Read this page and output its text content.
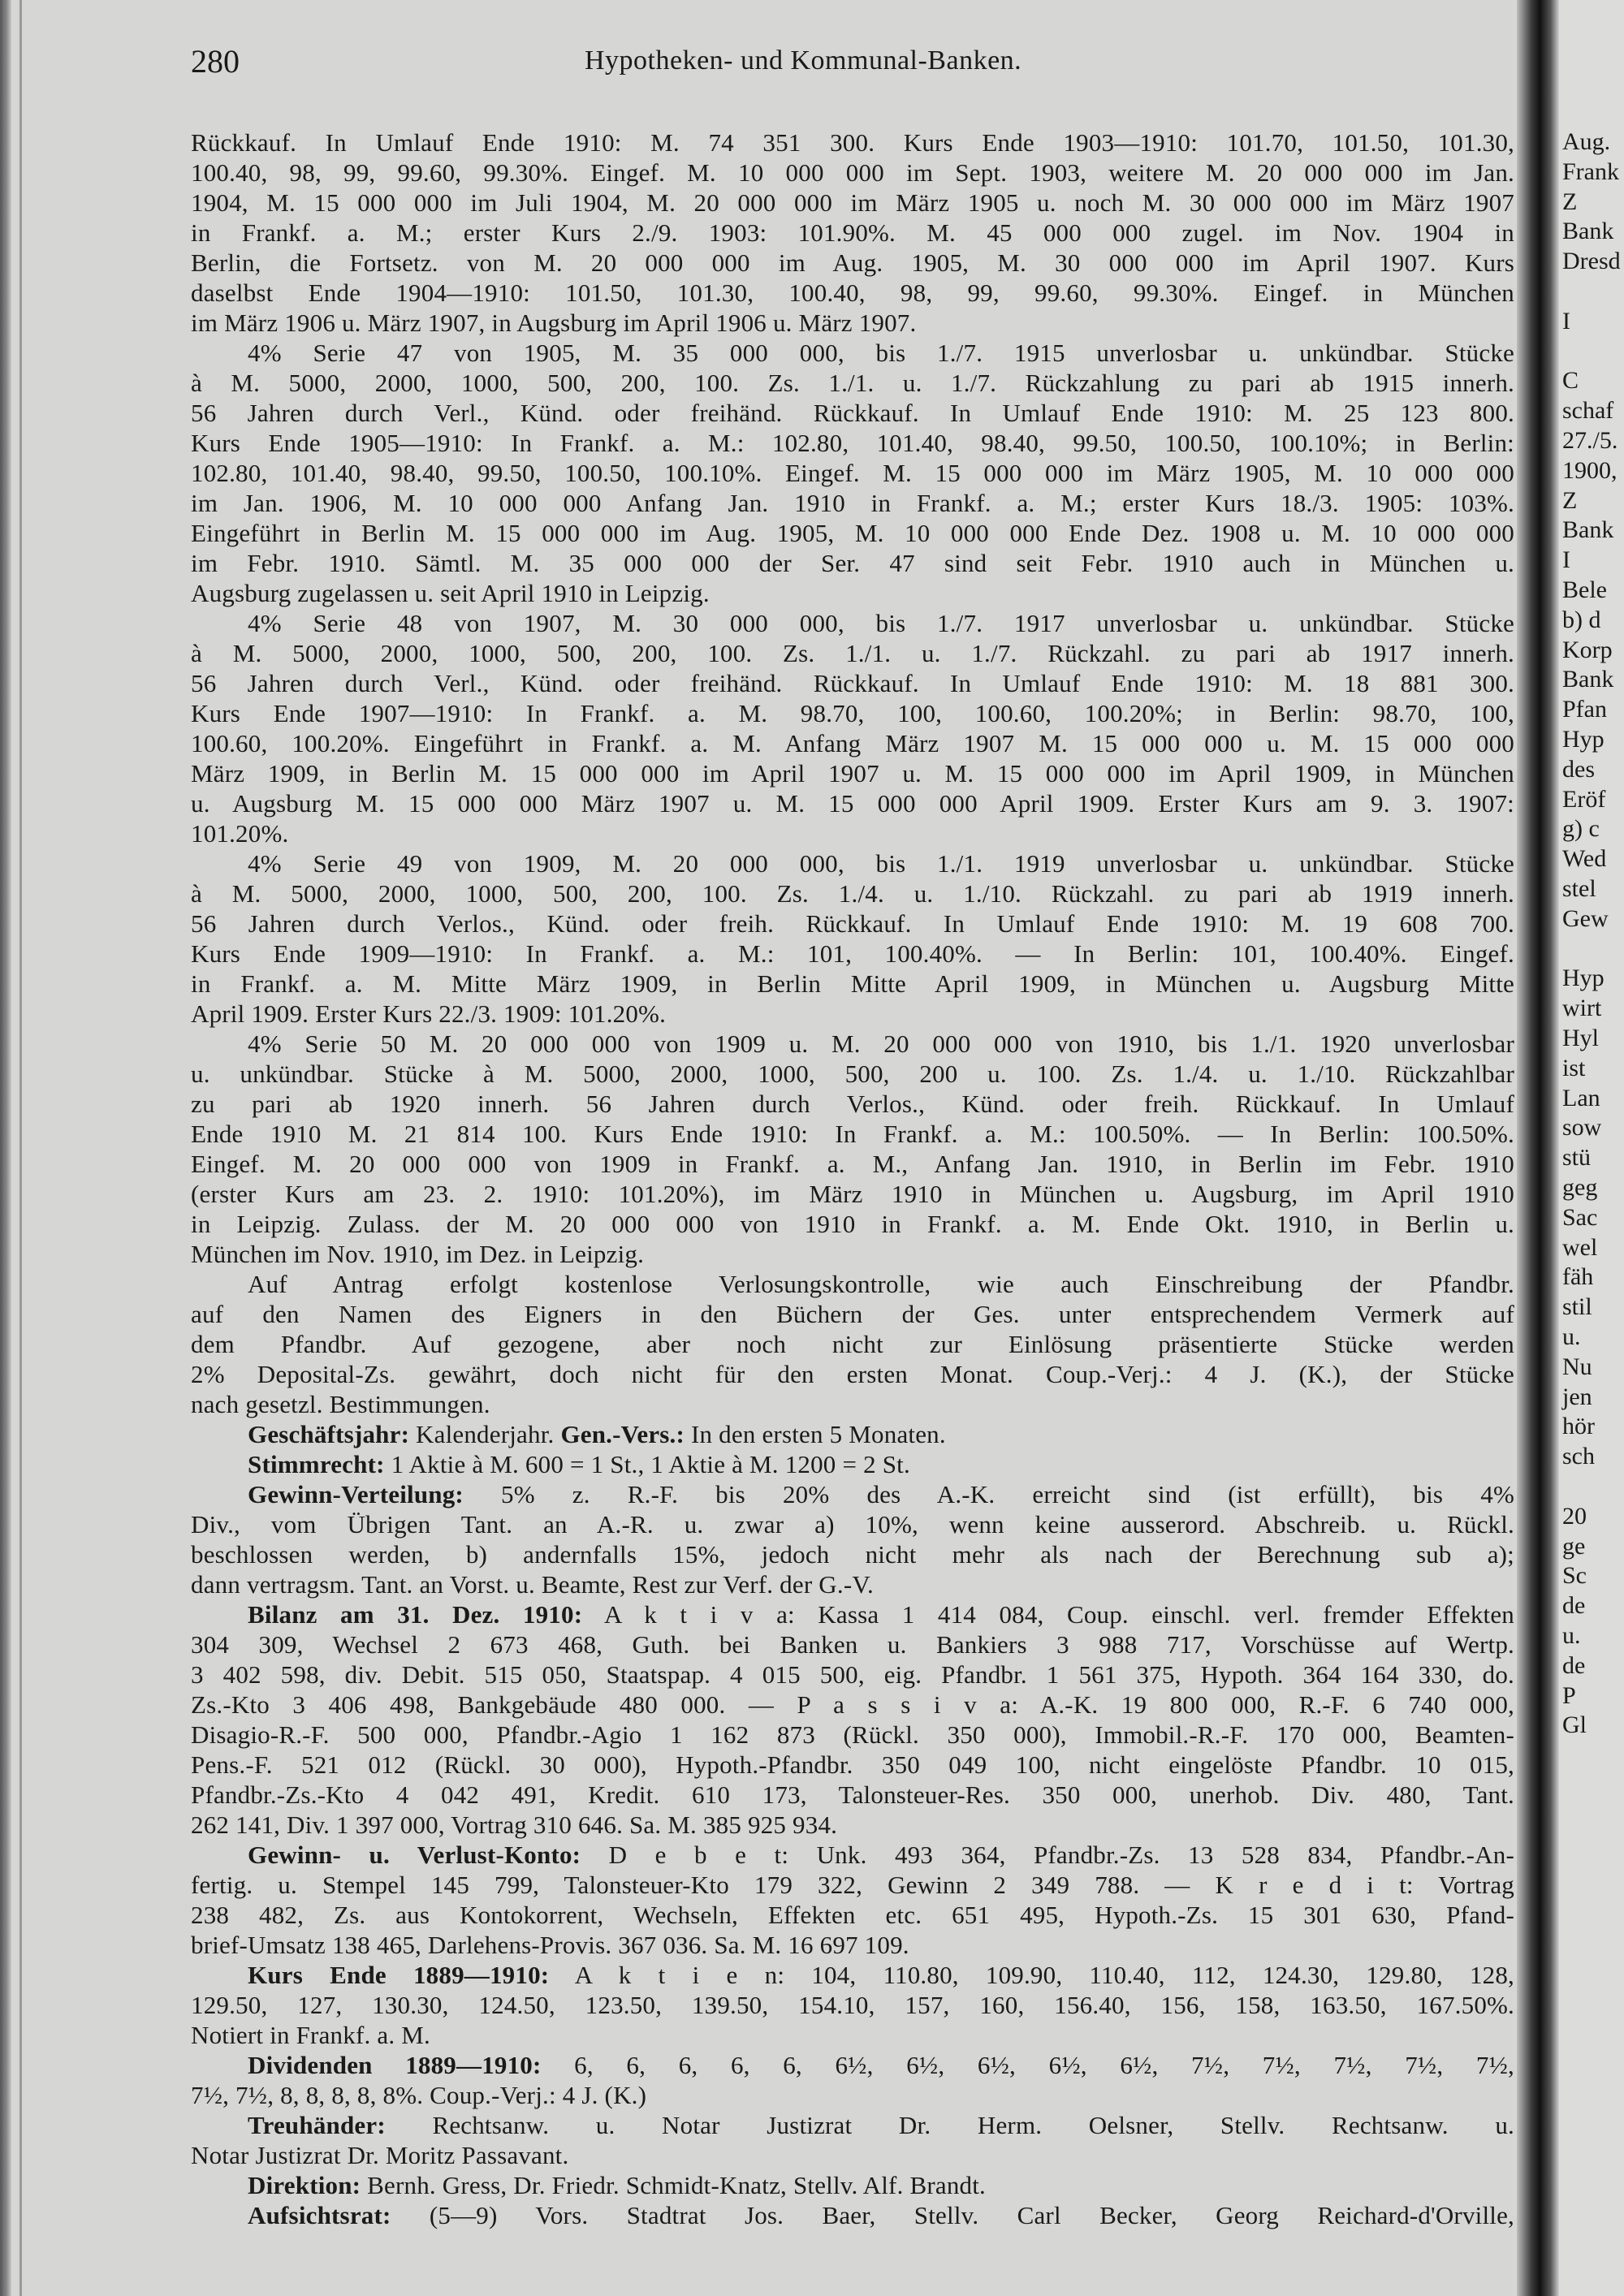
280	Hypotheken- und Kommunal-Banken.
Rückkauf. In Umlauf Ende 1910: M. 74 351 300. Kurs Ende 1903—1910: 101.70, 101.50, 101.30,
100.40, 98, 99, 99.60, 99.30%. Eingef. M. 10 000 000 im Sept. 1903, weitere M. 20 000 000 im Jan.
1904, M. 15 000 000 im Juli 1904, M. 20 000 000 im März 1905 u. noch M. 30 000 000 im März 1907
in Frankf. a. M.; erster Kurs 2./9. 1903: 101.90%. M. 45 000 000 zugel. im Nov. 1904 in
Berlin, die Fortsetz. von M. 20 000 000 im Aug. 1905, M. 30 000 000 im April 1907. Kurs
daselbst Ende 1904—1910: 101.50, 101.30, 100.40, 98, 99, 99.60, 99.30%. Eingef. in München
im März 1906 u. März 1907, in Augsburg im April 1906 u. März 1907.
4% Serie 47 von 1905, M. 35 000 000, bis 1./7. 1915 unverlosbar u. unkündbar. Stücke
à M. 5000, 2000, 1000, 500, 200, 100. Zs. 1./1. u. 1./7. Rückzahlung zu pari ab 1915 innerh.
56 Jahren durch Verl., Künd. oder freihänd. Rückkauf. In Umlauf Ende 1910: M. 25 123 800.
Kurs Ende 1905—1910: In Frankf. a. M.: 102.80, 101.40, 98.40, 99.50, 100.50, 100.10%; in Berlin:
102.80, 101.40, 98.40, 99.50, 100.50, 100.10%. Eingef. M. 15 000 000 im März 1905, M. 10 000 000
im Jan. 1906, M. 10 000 000 Anfang Jan. 1910 in Frankf. a. M.; erster Kurs 18./3. 1905: 103%.
Eingeführt in Berlin M. 15 000 000 im Aug. 1905, M. 10 000 000 Ende Dez. 1908 u. M. 10 000 000
im Febr. 1910. Sämtl. M. 35 000 000 der Ser. 47 sind seit Febr. 1910 auch in München u.
Augsburg zugelassen u. seit April 1910 in Leipzig.
4% Serie 48 von 1907, M. 30 000 000, bis 1./7. 1917 unverlosbar u. unkündbar. Stücke
à M. 5000, 2000, 1000, 500, 200, 100. Zs. 1./1. u. 1./7. Rückzahl. zu pari ab 1917 innerh.
56 Jahren durch Verl., Künd. oder freihänd. Rückkauf. In Umlauf Ende 1910: M. 18 881 300.
Kurs Ende 1907—1910: In Frankf. a. M. 98.70, 100, 100.60, 100.20%; in Berlin: 98.70, 100,
100.60, 100.20%. Eingeführt in Frankf. a. M. Anfang März 1907 M. 15 000 000 u. M. 15 000 000
März 1909, in Berlin M. 15 000 000 im April 1907 u. M. 15 000 000 im April 1909, in München
u. Augsburg M. 15 000 000 März 1907 u. M. 15 000 000 April 1909. Erster Kurs am 9. 3. 1907:
101.20%.
4% Serie 49 von 1909, M. 20 000 000, bis 1./1. 1919 unverlosbar u. unkündbar. Stücke
à M. 5000, 2000, 1000, 500, 200, 100. Zs. 1./4. u. 1./10. Rückzahl. zu pari ab 1919 innerh.
56 Jahren durch Verlos., Künd. oder freih. Rückkauf. In Umlauf Ende 1910: M. 19 608 700.
Kurs Ende 1909—1910: In Frankf. a. M.: 101, 100.40%. — In Berlin: 101, 100.40%. Eingef.
in Frankf. a. M. Mitte März 1909, in Berlin Mitte April 1909, in München u. Augsburg Mitte
April 1909. Erster Kurs 22./3. 1909: 101.20%.
4% Serie 50 M. 20 000 000 von 1909 u. M. 20 000 000 von 1910, bis 1./1. 1920 unverlosbar
u. unkündbar. Stücke à M. 5000, 2000, 1000, 500, 200 u. 100. Zs. 1./4. u. 1./10. Rückzahlbar
zu pari ab 1920 innerh. 56 Jahren durch Verlos., Künd. oder freih. Rückkauf. In Umlauf
Ende 1910 M. 21 814 100. Kurs Ende 1910: In Frankf. a. M.: 100.50%. — In Berlin: 100.50%.
Eingef. M. 20 000 000 von 1909 in Frankf. a. M., Anfang Jan. 1910, in Berlin im Febr. 1910
(erster Kurs am 23. 2. 1910: 101.20%), im März 1910 in München u. Augsburg, im April 1910
in Leipzig. Zulass. der M. 20 000 000 von 1910 in Frankf. a. M. Ende Okt. 1910, in Berlin u.
München im Nov. 1910, im Dez. in Leipzig.
Auf Antrag erfolgt kostenlose Verlosungskontrolle, wie auch Einschreibung der Pfandbr.
auf den Namen des Eigners in den Büchern der Ges. unter entsprechendem Vermerk auf
dem Pfandbr. Auf gezogene, aber noch nicht zur Einlösung präsentierte Stücke werden
2% Deposital-Zs. gewährt, doch nicht für den ersten Monat. Coup.-Verj.: 4 J. (K.), der Stücke
nach gesetzl. Bestimmungen.
Geschäftsjahr: Kalenderjahr. Gen.-Vers.: In den ersten 5 Monaten.
Stimmrecht: 1 Aktie à M. 600 = 1 St., 1 Aktie à M. 1200 = 2 St.
Gewinn-Verteilung: 5% z. R.-F. bis 20% des A.-K. erreicht sind (ist erfüllt), bis 4%
Div., vom Übrigen Tant. an A.-R. u. zwar a) 10%, wenn keine ausserord. Abschreib. u. Rückl.
beschlossen werden, b) andernfalls 15%, jedoch nicht mehr als nach der Berechnung sub a);
dann vertragsm. Tant. an Vorst. u. Beamte, Rest zur Verf. der G.-V.
Bilanz am 31. Dez. 1910: A k t i v a: Kassa 1 414 084, Coup. einschl. verl. fremder Effekten
304 309, Wechsel 2 673 468, Guth. bei Banken u. Bankiers 3 988 717, Vorschüsse auf Wertp.
3 402 598, div. Debit. 515 050, Staatspap. 4 015 500, eig. Pfandbr. 1 561 375, Hypoth. 364 164 330, do.
Zs.-Kto 3 406 498, Bankgebäude 480 000. — P a s s i v a: A.-K. 19 800 000, R.-F. 6 740 000,
Disagio-R.-F. 500 000, Pfandbr.-Agio 1 162 873 (Rückl. 350 000), Immobil.-R.-F. 170 000, Beamten-
Pens.-F. 521 012 (Rückl. 30 000), Hypoth.-Pfandbr. 350 049 100, nicht eingelöste Pfandbr. 10 015,
Pfandbr.-Zs.-Kto 4 042 491, Kredit. 610 173, Talonsteuer-Res. 350 000, unerhob. Div. 480, Tant.
262 141, Div. 1 397 000, Vortrag 310 646. Sa. M. 385 925 934.
Gewinn- u. Verlust-Konto: D e b e t: Unk. 493 364, Pfandbr.-Zs. 13 528 834, Pfandbr.-An-
fertig. u. Stempel 145 799, Talonsteuer-Kto 179 322, Gewinn 2 349 788. — K r e d i t: Vortrag
238 482, Zs. aus Kontokorrent, Wechseln, Effekten etc. 651 495, Hypoth.-Zs. 15 301 630, Pfand-
brief-Umsatz 138 465, Darlehens-Provis. 367 036. Sa. M. 16 697 109.
Kurs Ende 1889—1910: A k t i e n: 104, 110.80, 109.90, 110.40, 112, 124.30, 129.80, 128,
129.50, 127, 130.30, 124.50, 123.50, 139.50, 154.10, 157, 160, 156.40, 156, 158, 163.50, 167.50%.
Notiert in Frankf. a. M.
Dividenden 1889—1910: 6, 6, 6, 6, 6, 6½, 6½, 6½, 6½, 6½, 7½, 7½, 7½, 7½, 7½,
7½, 7½, 8, 8, 8, 8, 8%. Coup.-Verj.: 4 J. (K.)
Treuhänder: Rechtsanw. u. Notar Justizrat Dr. Herm. Oelsner, Stellv. Rechtsanw. u.
Notar Justizrat Dr. Moritz Passavant.
Direktion: Bernh. Gress, Dr. Friedr. Schmidt-Knatz, Stellv. Alf. Brandt.
Aufsichtsrat: (5—9) Vors. Stadtrat Jos. Baer, Stellv. Carl Becker, Georg Reichard-d'Orville,
Aug.
Frank
Z
Bank
Dresd
I
C
schaf
27./5.
1900,
Z
Bank
I
Bele
b) d
Korp
Bank
Pfan
Hyp
des
Eröf
g) c
Wed
stel
Gew
Hyp
wirt
Hyl
ist
Lan
sow
stü
geg
Sac
wel
fäh
stil
u.
Nu
jen
hör
sch
20
ge
Sc
de
u.
de
P
Gl
